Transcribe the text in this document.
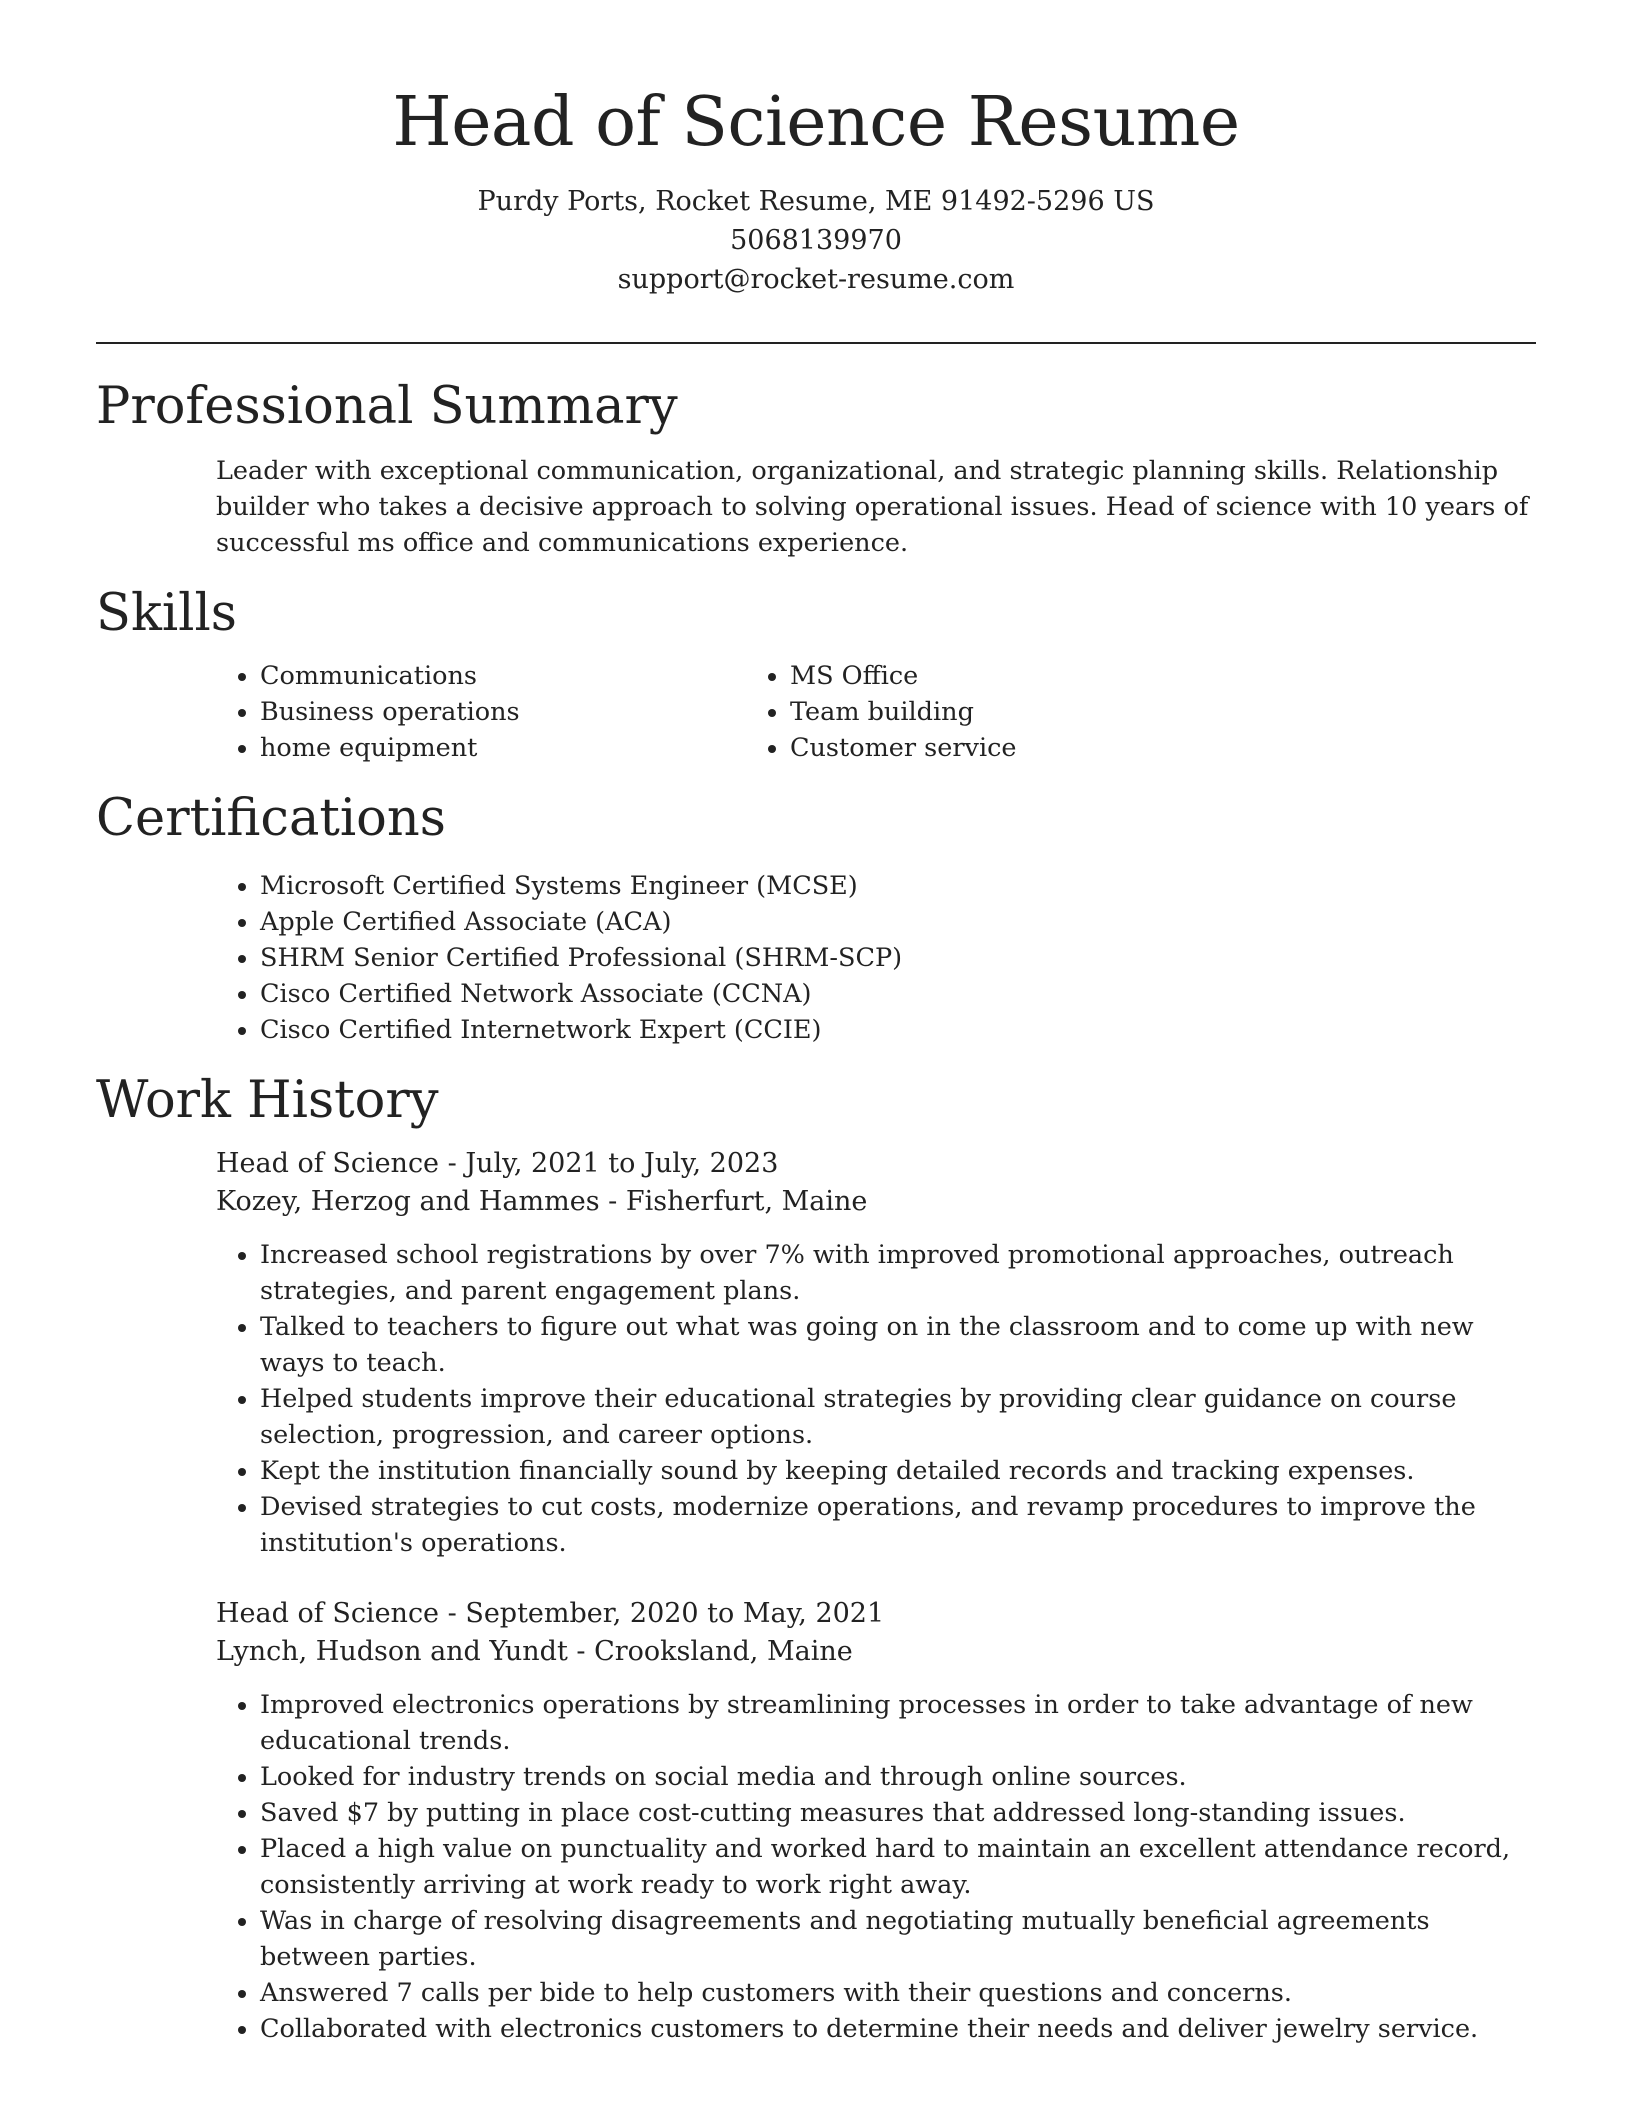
Head of Science Resume
Purdy Ports, Rocket Resume, ME 91492-5296 US
5068139970
support@rocket-resume.com
Professional Summary

Leader with exceptional communication, organizational, and strategic planning skills. Relationship builder who takes a decisive approach to solving operational issues. Head of science with 10 years of successful ms office and communications experience.

Skills
• Communications
• Business operations
• home equipment
• MS Office
• Team building
• Customer service
Certifications
• Microsoft Certified Systems Engineer (MCSE)
• Apple Certified Associate (ACA)
• SHRM Senior Certified Professional (SHRM-SCP)
• Cisco Certified Network Associate (CCNA)
• Cisco Certified Internetwork Expert (CCIE)
Work History
Head of Science - July, 2021 to July, 2023
Kozey, Herzog and Hammes - Fisherfurt, Maine
• Increased school registrations by over 7% with improved promotional approaches, outreach strategies, and parent engagement plans.
• Talked to teachers to figure out what was going on in the classroom and to come up with new ways to teach.
• Helped students improve their educational strategies by providing clear guidance on course selection, progression, and career options.
• Kept the institution financially sound by keeping detailed records and tracking expenses.
• Devised strategies to cut costs, modernize operations, and revamp procedures to improve the institution's operations.
Head of Science - September, 2020 to May, 2021
Lynch, Hudson and Yundt - Crooksland, Maine
• Improved electronics operations by streamlining processes in order to take advantage of new educational trends.
• Looked for industry trends on social media and through online sources.
• Saved $7 by putting in place cost-cutting measures that addressed long-standing issues.
• Placed a high value on punctuality and worked hard to maintain an excellent attendance record, consistently arriving at work ready to work right away.
• Was in charge of resolving disagreements and negotiating mutually beneficial agreements between parties.
• Answered 7 calls per bide to help customers with their questions and concerns.
• Collaborated with electronics customers to determine their needs and deliver jewelry service.
